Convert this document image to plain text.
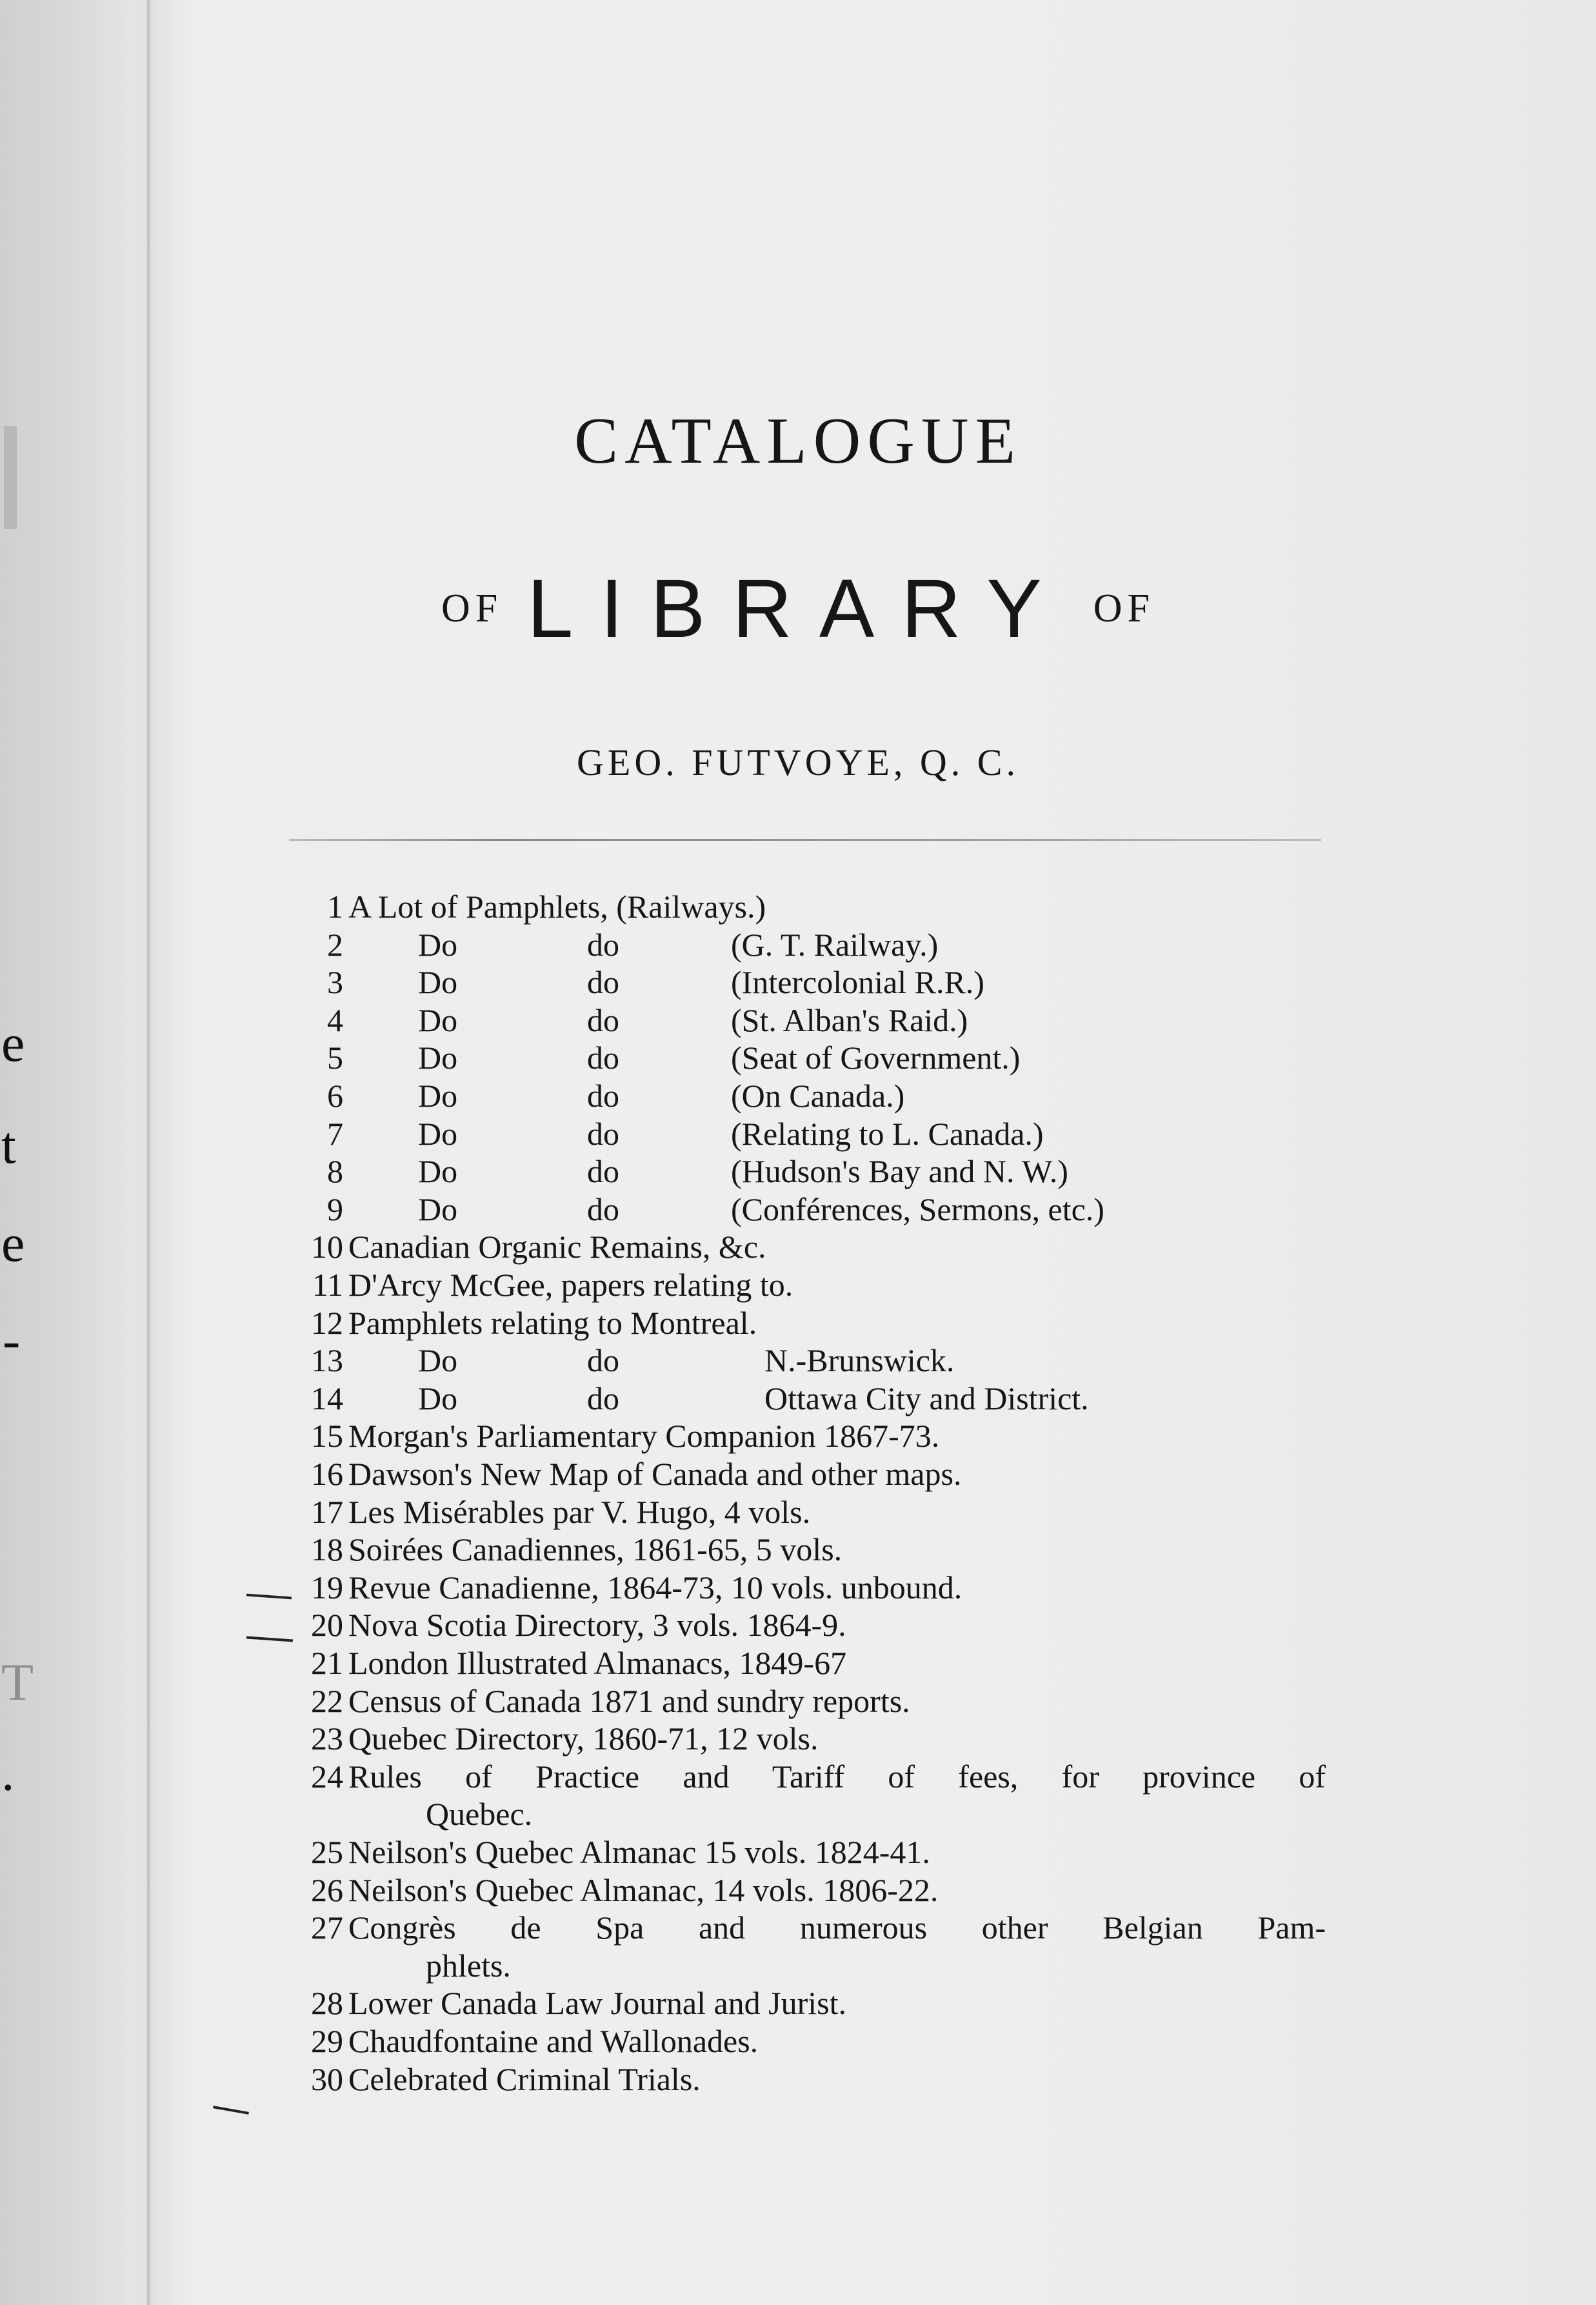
e
t
e
-
T
.
CATALOGUE
OF LIBRARY OF
GEO. FUTVOYE, Q. C.
1 A Lot of Pamphlets, (Railways.)
2 Do	do	(G. T. Railway.)
3 Do	do	(Intercolonial R.R.)
4 Do	do	(St. Alban's Raid.)
5 Do	do	(Seat of Government.)
6 Do	do	(On Canada.)
7 Do	do	(Relating to L. Canada.)
8 Do	do	(Hudson's Bay and N. W.)
9 Do	do	(Conférences, Sermons, etc.)
10 Canadian Organic Remains, &c.
11 D'Arcy McGee, papers relating to.
12 Pamphlets relating to Montreal.
13 Do	do	N.-Brunswick.
14 Do	do	Ottawa City and District.
15 Morgan's Parliamentary Companion 1867-73.
16 Dawson's New Map of Canada and other maps.
17 Les Misérables par V. Hugo, 4 vols.
18 Soirées Canadiennes, 1861-65, 5 vols.
19 Revue Canadienne, 1864-73, 10 vols. unbound.
20 Nova Scotia Directory, 3 vols. 1864-9.
21 London Illustrated Almanacs, 1849-67
22 Census of Canada 1871 and sundry reports.
23 Quebec Directory, 1860-71, 12 vols.
24 Rules of Practice and Tariff of fees, for province of
Quebec.
25 Neilson's Quebec Almanac 15 vols. 1824-41.
26 Neilson's Quebec Almanac, 14 vols. 1806-22.
27 Congrès de Spa and numerous other Belgian Pam-
phlets.
28 Lower Canada Law Journal and Jurist.
29 Chaudfontaine and Wallonades.
30 Celebrated Criminal Trials.
